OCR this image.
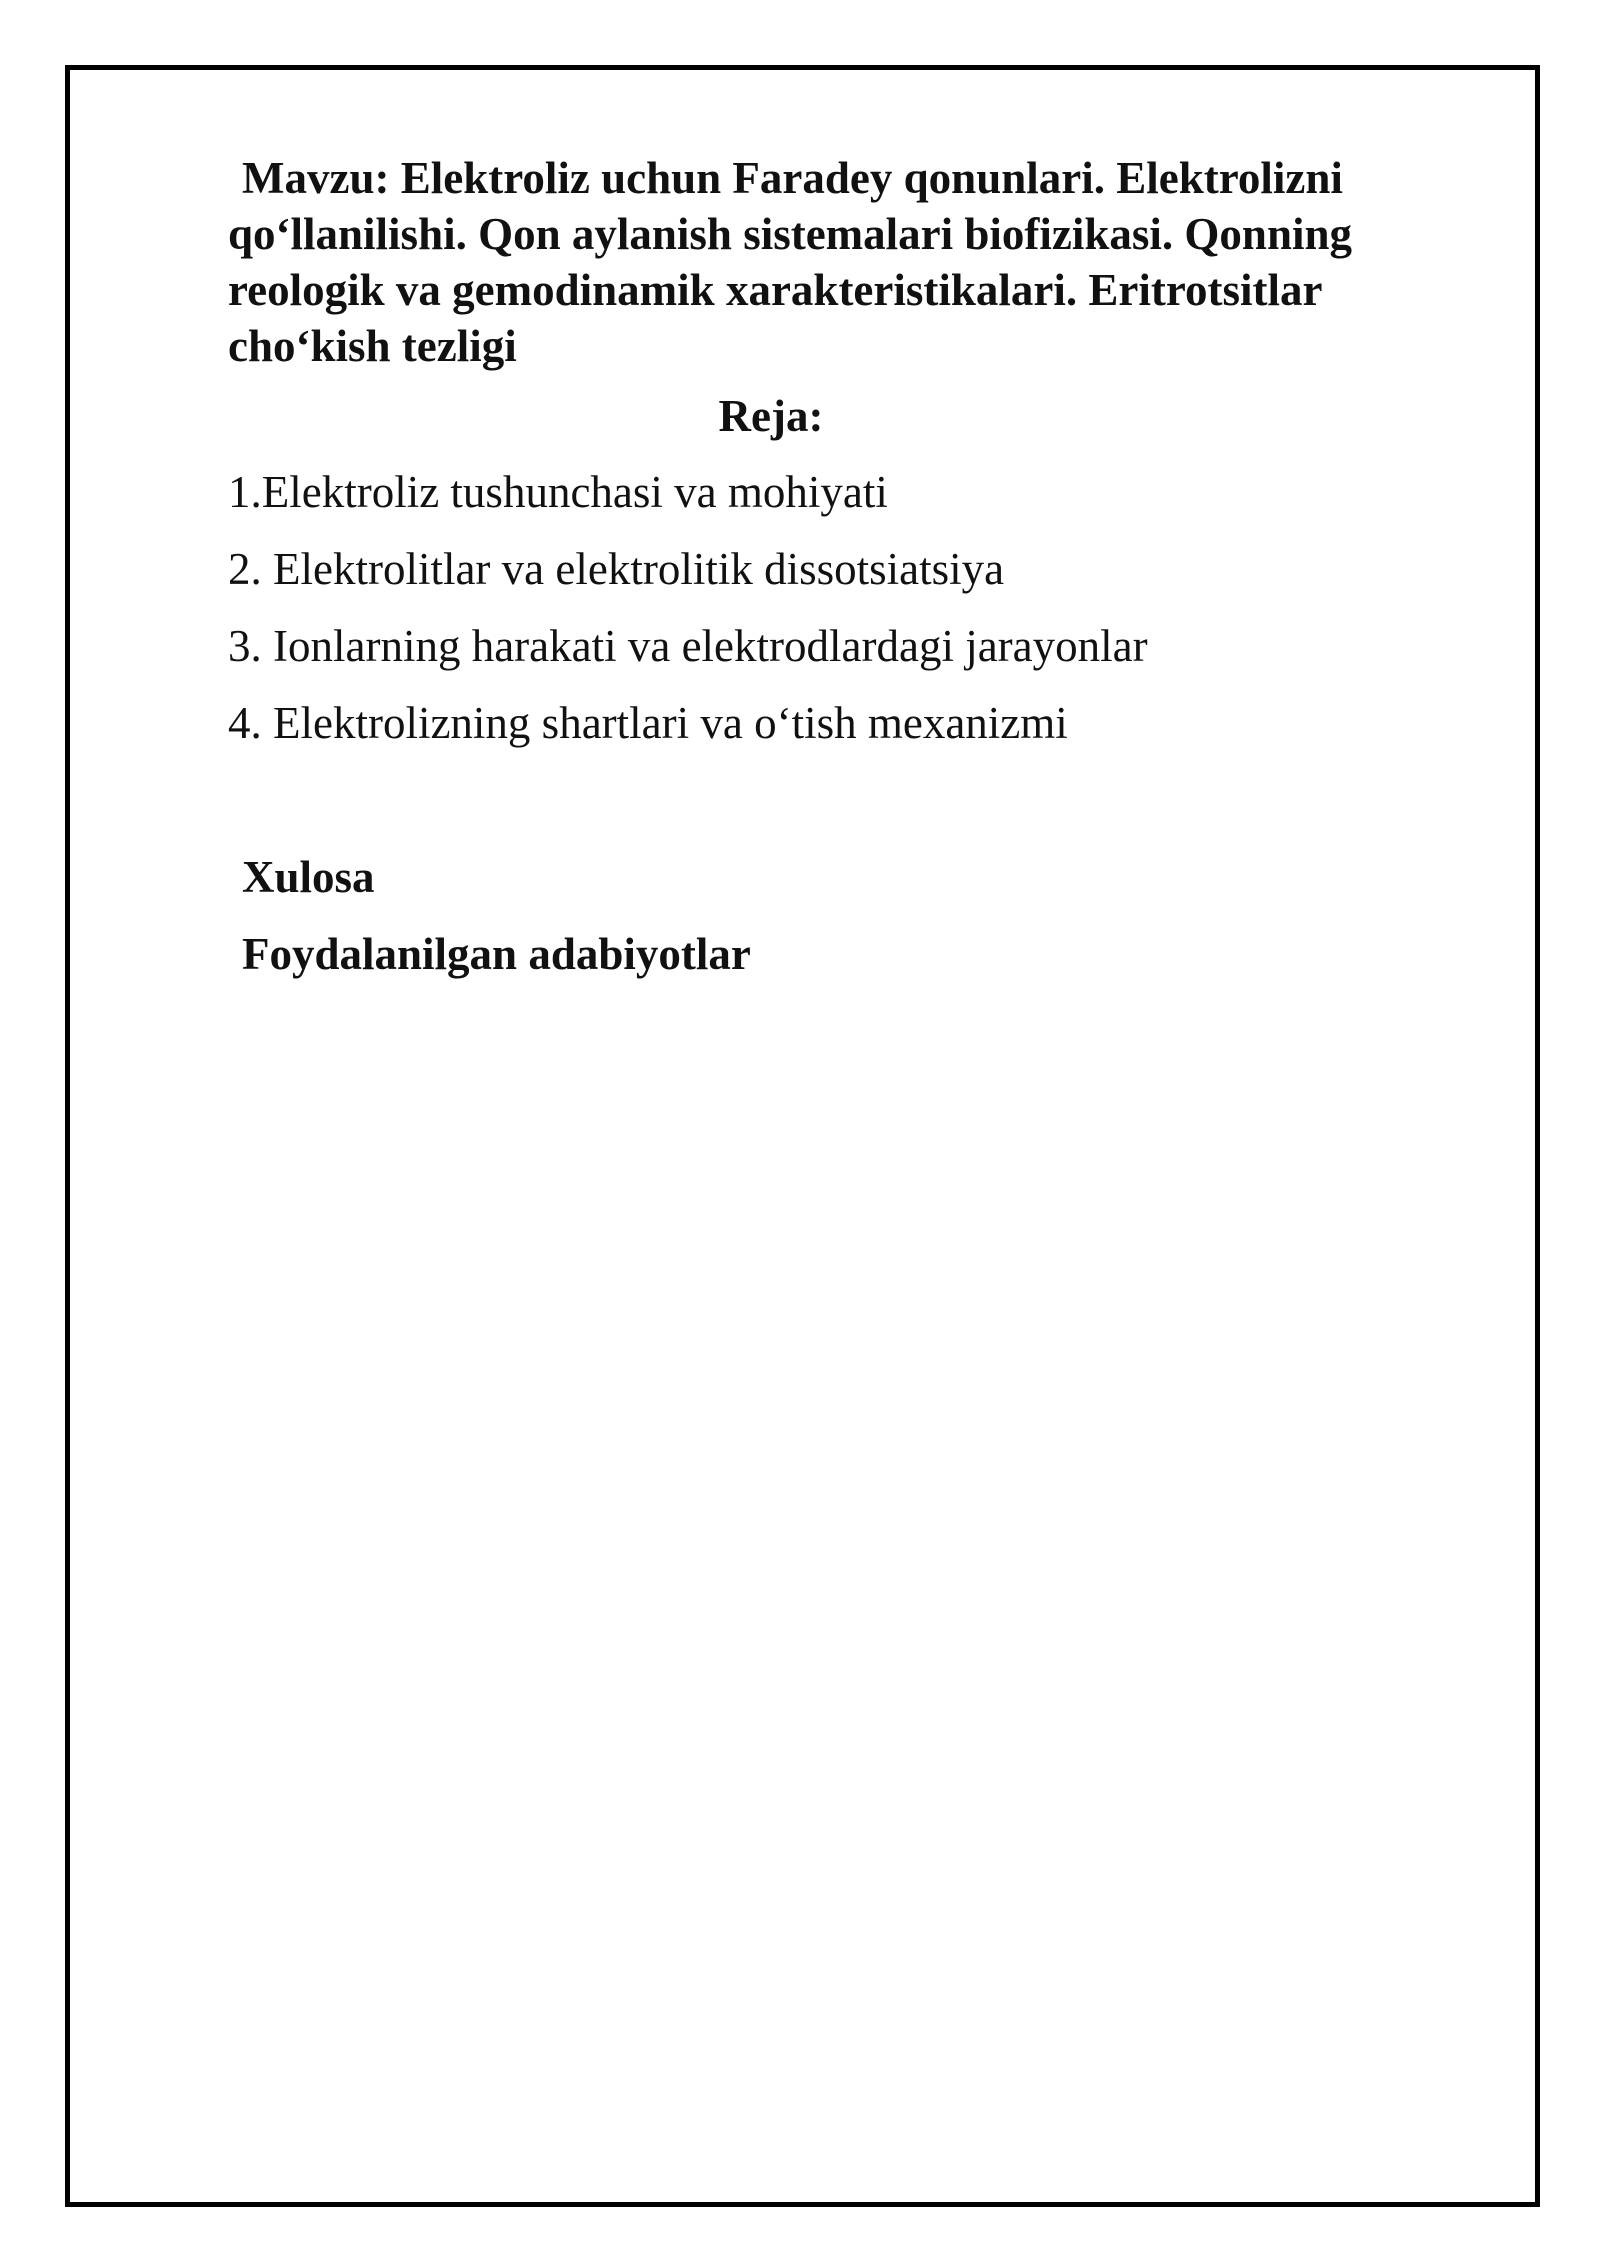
Mavzu: Elektroliz uchun Faradey qonunlari. Elektrolizni qo‘llanilishi. Qon aylanish sistemalari biofizikasi. Qonning reologik va gemodinamik xarakteristikalari. Eritrotsitlar cho‘kish tezligi

Reja:

1.Elektroliz tushunchasi va mohiyati
2. Elektrolitlar va elektrolitik dissotsiatsiya
3. Ionlarning harakati va elektrodlardagi jarayonlar
4. Elektrolizning shartlari va o‘tish mexanizmi

Xulosa

Foydalanilgan adabiyotlar
